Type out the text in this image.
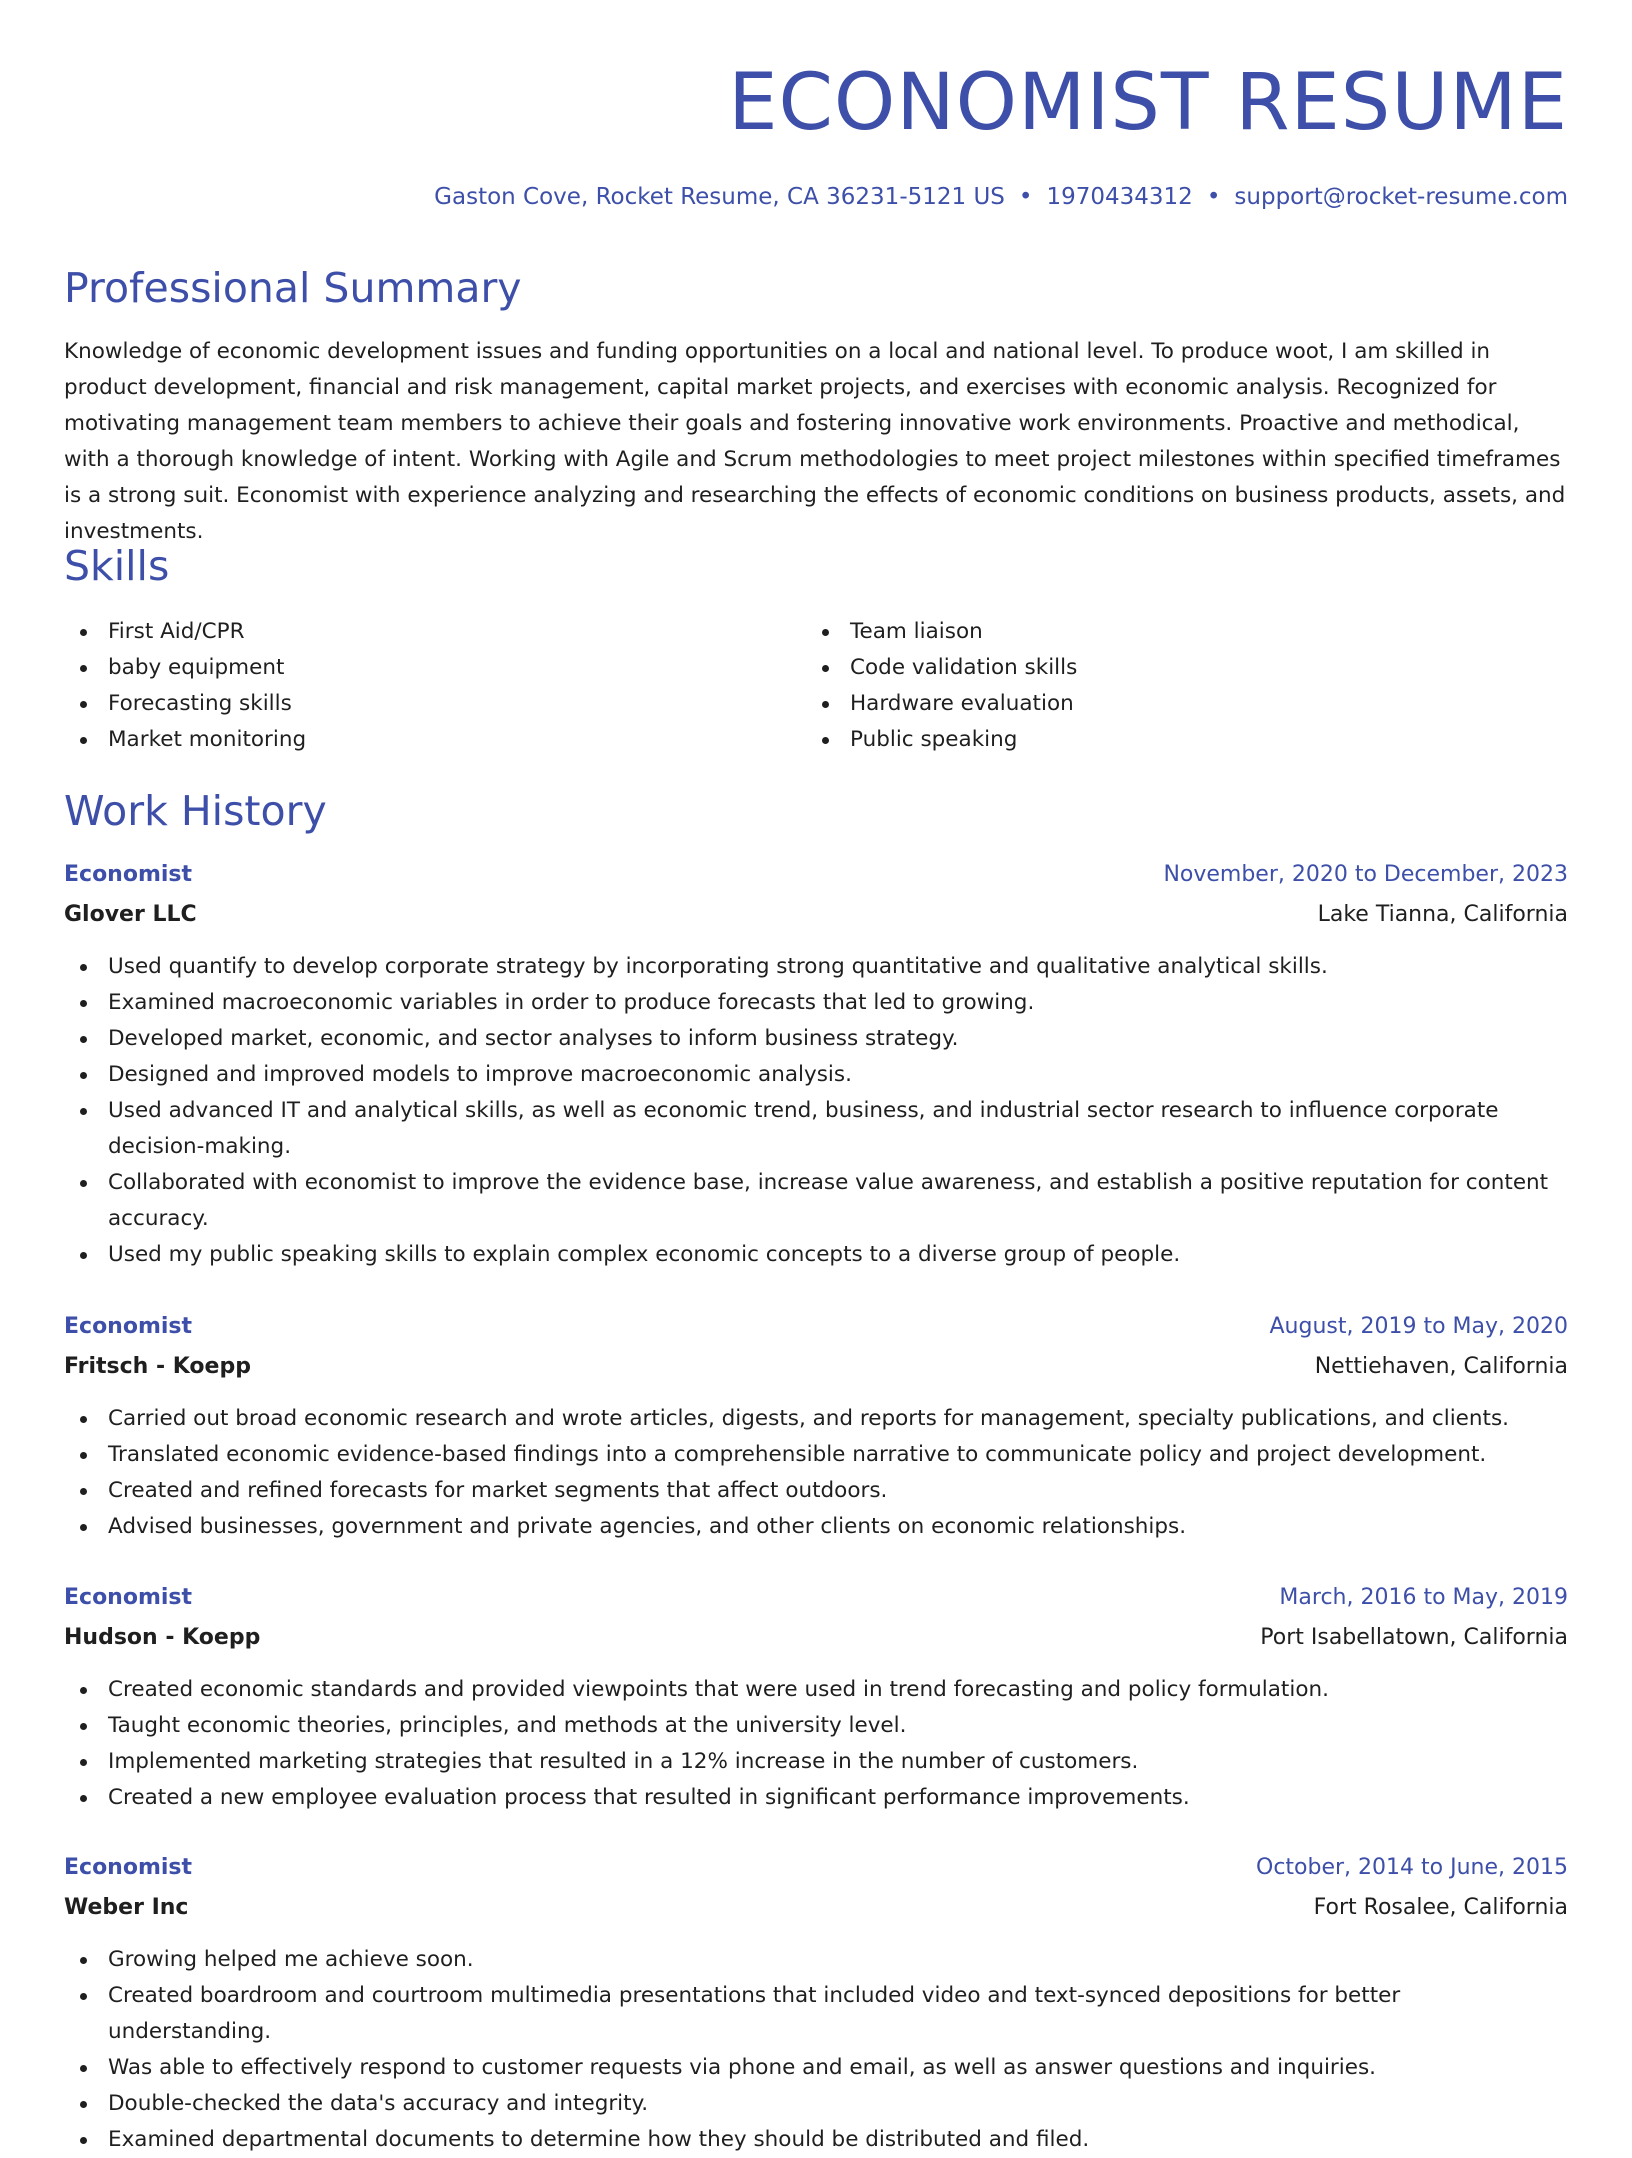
ECONOMIST RESUME
Gaston Cove, Rocket Resume, CA 36231-5121 US • 1970434312 • support@rocket-resume.com
Professional Summary

Knowledge of economic development issues and funding opportunities on a local and national level. To produce woot, I am skilled in product development, financial and risk management, capital market projects, and exercises with economic analysis. Recognized for motivating management team members to achieve their goals and fostering innovative work environments. Proactive and methodical, with a thorough knowledge of intent. Working with Agile and Scrum methodologies to meet project milestones within specified timeframes is a strong suit. Economist with experience analyzing and researching the effects of economic conditions on business products, assets, and investments.

Skills
First Aid/CPR
baby equipment
Forecasting skills
Market monitoring
Team liaison
Code validation skills
Hardware evaluation
Public speaking
Work History
Economist	November, 2020 to December, 2023
Glover LLC	Lake Tianna, California
Used quantify to develop corporate strategy by incorporating strong quantitative and qualitative analytical skills.
Examined macroeconomic variables in order to produce forecasts that led to growing.
Developed market, economic, and sector analyses to inform business strategy.
Designed and improved models to improve macroeconomic analysis.
Used advanced IT and analytical skills, as well as economic trend, business, and industrial sector research to influence corporate decision-making.
Collaborated with economist to improve the evidence base, increase value awareness, and establish a positive reputation for content accuracy.
Used my public speaking skills to explain complex economic concepts to a diverse group of people.
Economist	August, 2019 to May, 2020
Fritsch - Koepp	Nettiehaven, California
Carried out broad economic research and wrote articles, digests, and reports for management, specialty publications, and clients.
Translated economic evidence-based findings into a comprehensible narrative to communicate policy and project development.
Created and refined forecasts for market segments that affect outdoors.
Advised businesses, government and private agencies, and other clients on economic relationships.
Economist	March, 2016 to May, 2019
Hudson - Koepp	Port Isabellatown, California
Created economic standards and provided viewpoints that were used in trend forecasting and policy formulation.
Taught economic theories, principles, and methods at the university level.
Implemented marketing strategies that resulted in a 12% increase in the number of customers.
Created a new employee evaluation process that resulted in significant performance improvements.
Economist	October, 2014 to June, 2015
Weber Inc	Fort Rosalee, California
Growing helped me achieve soon.
Created boardroom and courtroom multimedia presentations that included video and text-synced depositions for better understanding.
Was able to effectively respond to customer requests via phone and email, as well as answer questions and inquiries.
Double-checked the data's accuracy and integrity.
Examined departmental documents to determine how they should be distributed and filed.
